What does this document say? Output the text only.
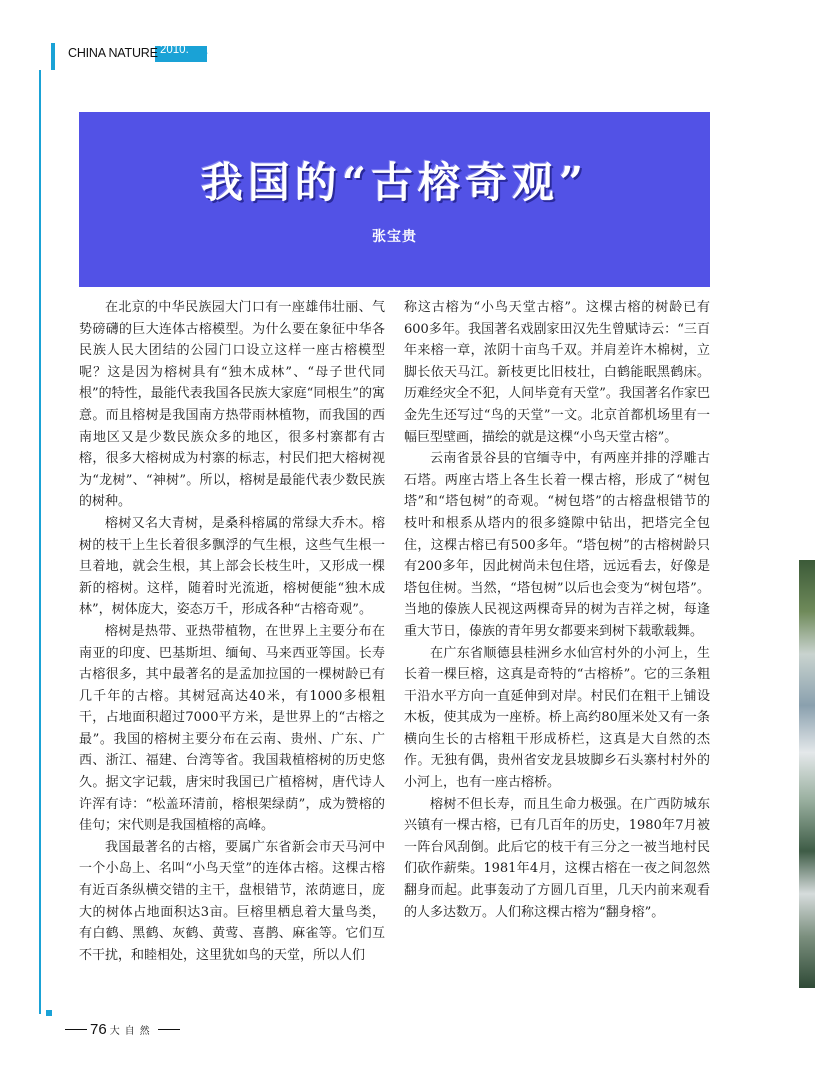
CHINA NATURE 2010. 4
我国的“古榕奇观”
张宝贵

在北京的中华民族园大门口有一座雄伟壮丽、气势磅礴的巨大连体古榕模型。为什么要在象征中华各民族人民大团结的公园门口设立这样一座古榕模型呢？这是因为榕树具有“独木成林”、“母子世代同根”的特性，最能代表我国各民族大家庭“同根生”的寓意。而且榕树是我国南方热带雨林植物，而我国的西南地区又是少数民族众多的地区，很多村寨都有古榕，很多大榕树成为村寨的标志，村民们把大榕树视为“龙树”、“神树”。所以，榕树是最能代表少数民族的树种。

榕树又名大青树，是桑科榕属的常绿大乔木。榕树的枝干上生长着很多飘浮的气生根，这些气生根一旦着地，就会生根，其上部会长枝生叶，又形成一棵新的榕树。这样，随着时光流逝，榕树便能“独木成林”，树体庞大，姿态万千，形成各种“古榕奇观”。

榕树是热带、亚热带植物，在世界上主要分布在南亚的印度、巴基斯坦、缅甸、马来西亚等国。长寿古榕很多，其中最著名的是孟加拉国的一棵树龄已有几千年的古榕。其树冠高达40米，有1000多根粗干，占地面积超过7000平方米，是世界上的“古榕之最”。我国的榕树主要分布在云南、贵州、广东、广西、浙江、福建、台湾等省。我国栽植榕树的历史悠久。据文字记载，唐宋时我国已广植榕树，唐代诗人许浑有诗：“松盖环清前，榕根架绿荫”，成为赞榕的佳句；宋代则是我国植榕的高峰。

我国最著名的古榕，要属广东省新会市天马河中一个小岛上、名叫“小鸟天堂”的连体古榕。这棵古榕有近百条纵横交错的主干，盘根错节，浓荫遮日，庞大的树体占地面积达3亩。巨榕里栖息着大量鸟类，有白鹤、黑鹤、灰鹤、黄莺、喜鹊、麻雀等。它们互不干扰，和睦相处，这里犹如鸟的天堂，所以人们

称这古榕为“小鸟天堂古榕”。这棵古榕的树龄已有600多年。我国著名戏剧家田汉先生曾赋诗云：“三百年来榕一章，浓阴十亩鸟千双。并肩差许木棉树，立脚长依天马江。新枝更比旧枝壮，白鹤能眠黑鹤床。历难经灾全不犯，人间毕竟有天堂”。我国著名作家巴金先生还写过“鸟的天堂”一文。北京首都机场里有一幅巨型壁画，描绘的就是这棵“小鸟天堂古榕”。

云南省景谷县的官缅寺中，有两座并排的浮雕古石塔。两座古塔上各生长着一棵古榕，形成了“树包塔”和“塔包树”的奇观。“树包塔”的古榕盘根错节的枝叶和根系从塔内的很多缝隙中钻出，把塔完全包住，这棵古榕已有500多年。“塔包树”的古榕树龄只有200多年，因此树尚未包住塔，远远看去，好像是塔包住树。当然，“塔包树”以后也会变为“树包塔”。当地的傣族人民视这两棵奇异的树为吉祥之树，每逢重大节日，傣族的青年男女都要来到树下载歌载舞。

在广东省顺德县桂洲乡水仙宫村外的小河上，生长着一棵巨榕，这真是奇特的“古榕桥”。它的三条粗干沿水平方向一直延伸到对岸。村民们在粗干上铺设木板，使其成为一座桥。桥上高约80厘米处又有一条横向生长的古榕粗干形成桥栏，这真是大自然的杰作。无独有偶，贵州省安龙县坡脚乡石头寨村村外的小河上，也有一座古榕桥。

榕树不但长寿，而且生命力极强。在广西防城东兴镇有一棵古榕，已有几百年的历史，1980年7月被一阵台风刮倒。此后它的枝干有三分之一被当地村民们砍作薪柴。1981年4月，这棵古榕在一夜之间忽然翻身而起。此事轰动了方圆几百里，几天内前来观看的人多达数万。人们称这棵古榕为“翻身榕”。

76 大自然
